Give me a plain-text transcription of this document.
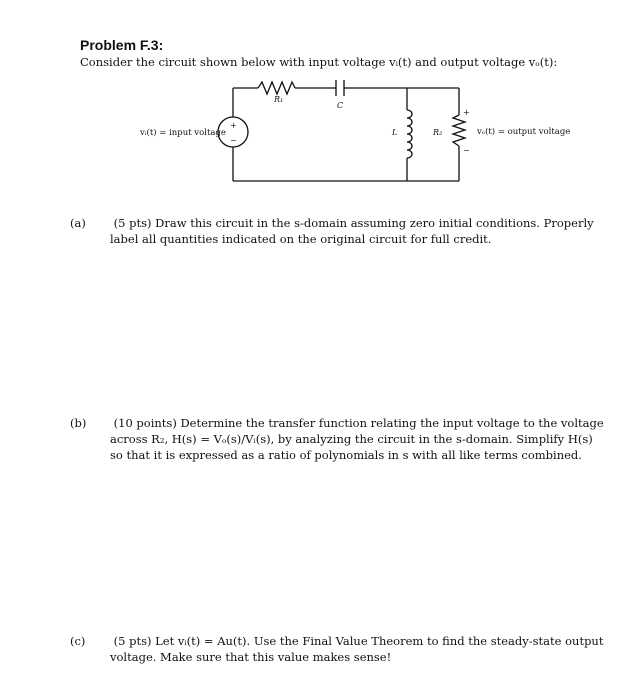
Problem F.3:
Consider the circuit shown below with input voltage vᵢ(t) and output voltage vₒ(t):
+
−
R₁
C
L	R₂
+
−
vᵢ(t) = input voltage	vₒ(t) = output voltage
(a) (5 pts) Draw this circuit in the s-domain assuming zero initial conditions. Properly label all quantities indicated on the original circuit for full credit.
(b) (10 points) Determine the transfer function relating the input voltage to the voltage across R₂, H(s) = Vₒ(s)/Vᵢ(s), by analyzing the circuit in the s-domain. Simplify H(s) so that it is expressed as a ratio of polynomials in s with all like terms combined.
(c) (5 pts) Let vᵢ(t) = Au(t). Use the Final Value Theorem to find the steady-state output voltage. Make sure that this value makes sense!
